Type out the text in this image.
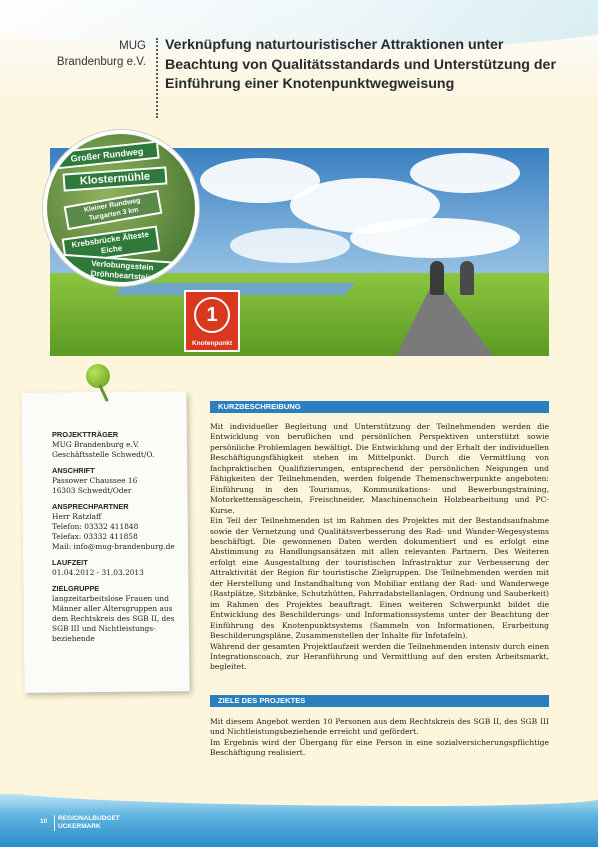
MUG
Brandenburg e.V.
Verknüpfung naturtouristischer Attraktionen unter Beachtung von Qualitätsstandards und Unterstützung der Einführung einer Knotenpunktwegweisung
1
Knotenpunkt
Großer Rundweg
Klostermühle
Kleiner Rundweg Turgarten 3 km
Krebsbrücke Älteste Eiche
Verlobungsstein Dröhnbeartstein
PROJEKTTRÄGER
MUG Brandenburg e.V.
Geschäftsstelle Schwedt/O.
ANSCHRIFT
Passower Chaussee 16
16303 Schwedt/Oder
ANSPRECHPARTNER
Herr Ratzlaff
Telefon: 03332 411848
Telefax: 03332 411858
Mail: info@mug-brandenburg.de
LAUFZEIT
01.04.2012 - 31.03.2013
ZIELGRUPPE
langzeitarbeitslose Frauen und Männer aller Altersgruppen aus dem Rechtskreis des SGB II, des SGB III und Nichtleistungs-beziehende
KURZBESCHREIBUNG
Mit individueller Begleitung und Unterstützung der Teilnehmenden werden die Entwicklung von beruflichen und persönlichen Perspektiven unterstützt sowie persönliche Problemlagen bewältigt. Die Entwicklung und der Erhalt der individuellen Beschäftigungsfähigkeit stehen im Mittelpunkt. Durch die Vermittlung von fachpraktischen Qualifizierungen, entsprechend der persönlichen Neigungen und Fähigkeiten der Teilnehmenden, werden folgende Themenschwerpunkte angeboten: Einführung in den Tourismus, Kommunikations- und Bewerbungstraining, Motorkettensägeschein, Freischneider, Maschinenschein Holzbearbeitung und PC-Kurse.
Ein Teil der Teilnehmenden ist im Rahmen des Projektes mit der Bestandsaufnahme sowie der Vernetzung und Qualitätsverbesserung des Rad- und Wander-Wegesystems beschäftigt. Die gewonnenen Daten werden dokumentiert und es erfolgt eine Abstimmung zu Handlungsansätzen mit allen relevanten Partnern. Des Weiteren erfolgt eine Ausgestaltung der touristischen Infrastruktur zur Verbesserung der Attraktivität der Region für touristische Zielgruppen. Die Teilnehmenden werden mit der Herstellung und Instandhaltung von Mobiliar entlang der Rad- und Wanderwege (Rastplätze, Sitzbänke, Schutzhütten, Fahrradabstellanlagen, Ordnung und Sauberkeit) im Rahmen des Projektes beauftragt. Einen weiteren Schwerpunkt bildet die Entwicklung des Beschilderungs- und Informationssystems unter der Beachtung der Einführung des Knotenpunktsystems (Sammeln von Informationen, Erarbeitung Beschilderungspläne, Zusammenstellen der Inhalte für Infotafeln).
Während der gesamten Projektlaufzeit werden die Teilnehmenden intensiv durch einen Integrationscoach, zur Heranführung und Vermittlung auf den ersten Arbeitsmarkt, begleitet.
ZIELE DES PROJEKTES
Mit diesem Angebot werden 10 Personen aus dem Rechtskreis des SGB II, des SGB III und Nichtleistungsbeziehende erreicht und gefördert.
Im Ergebnis wird der Übergang für eine Person in eine sozialversicherungspflichtige Beschäftigung realisiert.
10 REGIONALBUDGET
UCKERMARK
